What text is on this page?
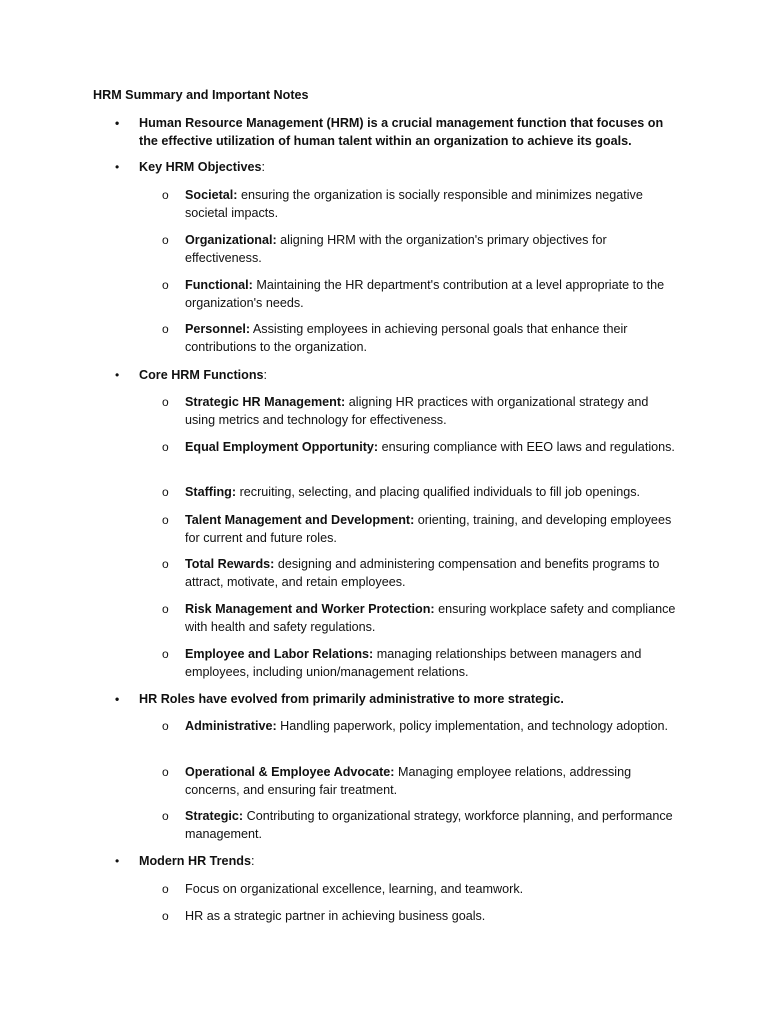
HRM Summary and Important Notes
• Human Resource Management (HRM) is a crucial management function that focuses on the effective utilization of human talent within an organization to achieve its goals.
• Key HRM Objectives:
o Societal: ensuring the organization is socially responsible and minimizes negative societal impacts.
o Organizational: aligning HRM with the organization's primary objectives for effectiveness.
o Functional: Maintaining the HR department's contribution at a level appropriate to the organization's needs.
o Personnel: Assisting employees in achieving personal goals that enhance their contributions to the organization.
• Core HRM Functions:
o Strategic HR Management: aligning HR practices with organizational strategy and using metrics and technology for effectiveness.
o Equal Employment Opportunity: ensuring compliance with EEO laws and regulations.
o Staffing: recruiting, selecting, and placing qualified individuals to fill job openings.
o Talent Management and Development: orienting, training, and developing employees for current and future roles.
o Total Rewards: designing and administering compensation and benefits programs to attract, motivate, and retain employees.
o Risk Management and Worker Protection: ensuring workplace safety and compliance with health and safety regulations.
o Employee and Labor Relations: managing relationships between managers and employees, including union/management relations.
• HR Roles have evolved from primarily administrative to more strategic.
o Administrative: Handling paperwork, policy implementation, and technology adoption.
o Operational & Employee Advocate: Managing employee relations, addressing concerns, and ensuring fair treatment.
o Strategic: Contributing to organizational strategy, workforce planning, and performance management.
• Modern HR Trends:
o Focus on organizational excellence, learning, and teamwork.
o HR as a strategic partner in achieving business goals.
